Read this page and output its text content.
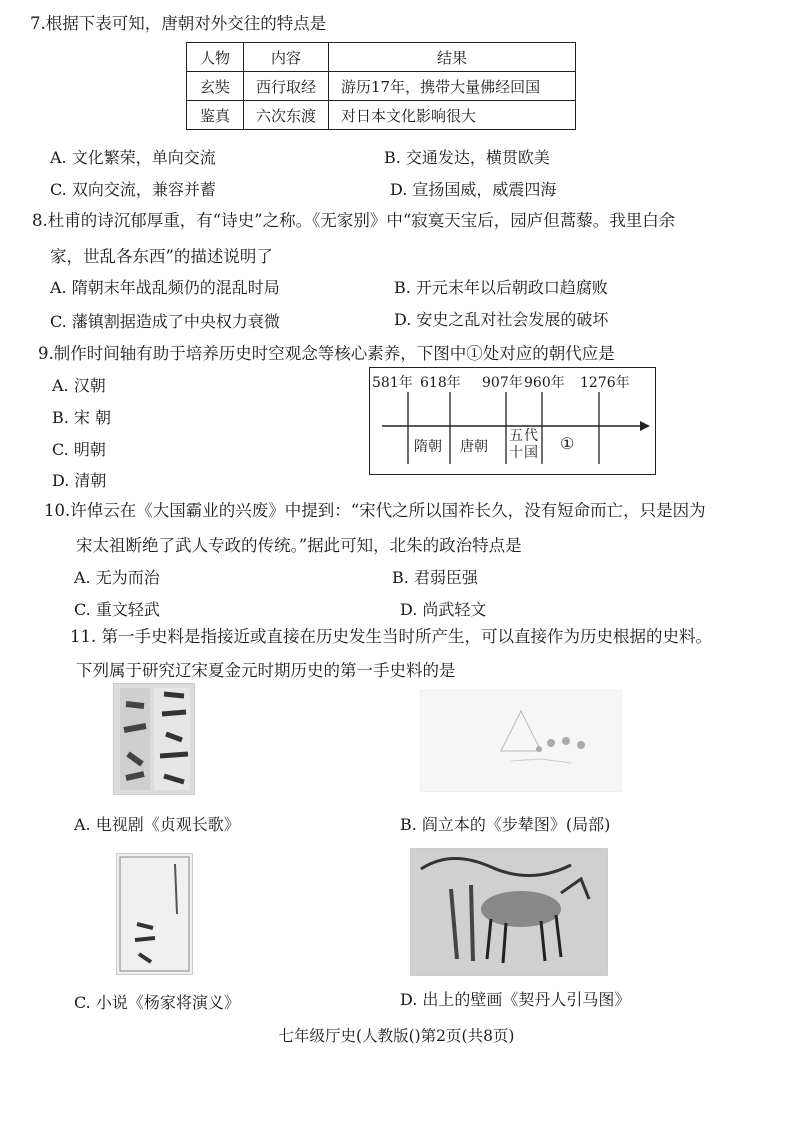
7.根据下表可知，唐朝对外交往的特点是
人物	内容	结果
玄奘	西行取经	游历17年，携带大量佛经回国
鉴真	六次东渡	对日本文化影响很大
A. 文化繁荣，单向交流	B. 交通发达，横贯欧美
C. 双向交流，兼容并蓄	D. 宣扬国威，威震四海
8.杜甫的诗沉郁厚重，有“诗史”之称。《无家别》中“寂寞天宝后，园庐但蒿藜。我里白余
家，世乱各东西”的描述说明了
A. 隋朝末年战乱频仍的混乱时局	B. 开元末年以后朝政口趋腐败
C. 藩镇割据造成了中央权力衰微	D. 安史之乱对社会发展的破坏
9.制作时间轴有助于培养历史时空观念等核心素养，下图中①处对应的朝代应是
A. 汉朝
B. 宋 朝
C. 明朝
D. 清朝
581年 618年 907年 960年 1276年
隋朝 唐朝
五代十国 ①
10.许倬云在《大国霸业的兴废》中提到：“宋代之所以国祚长久，没有短命而亡，只是因为
宋太祖断绝了武人专政的传统。”据此可知，北朱的政治特点是
A. 无为而治	B. 君弱臣强
C. 重文轻武	D. 尚武轻文
11. 第一手史料是指接近或直接在历史发生当时所产生，可以直接作为历史根据的史料。
下列属于研究辽宋夏金元时期历史的第一手史料的是
A. 电视剧《贞观长歌》	B. 阎立本的《步辇图》(局部)
C. 小说《杨家将演义》	D. 出上的壁画《契丹人引马图》
七年级厅史(人教版()第2页(共8页)
